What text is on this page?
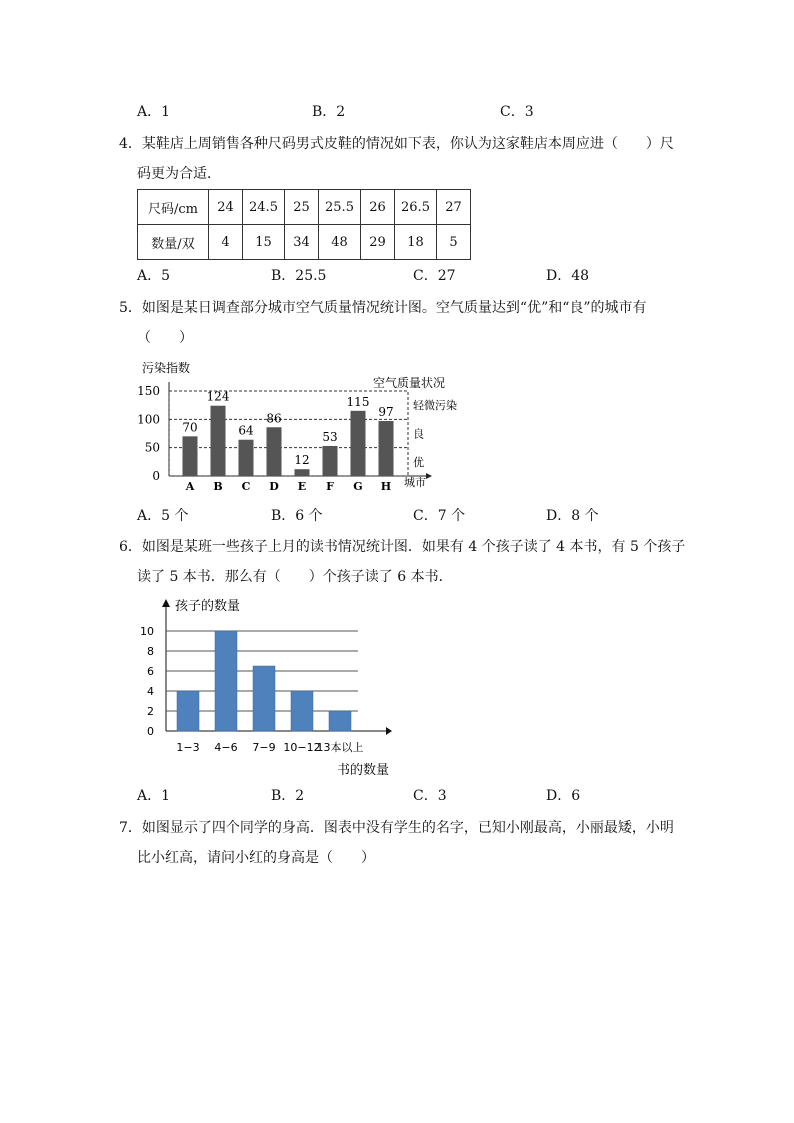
A．1	B．2	C．3
4．某鞋店上周销售各种尺码男式皮鞋的情况如下表，你认为这家鞋店本周应进（　　）尺
码更为合适．
尺码/cm	24	24.5	25	25.5	26	26.5	27
数量/双	4	15	34	48	29	18	5
A．5	B．25.5	C．27	D．48
5．如图是某日调查部分城市空气质量情况统计图。空气质量达到“优”和“良”的城市有
（　　）
污染指数
空气质量状况
城市
0
50
100
150
优
良
轻微污染
70
A
124
B
64
C
86
D
12
E
53
F
115
G
97
H
A．5 个	B．6 个	C．7 个	D．8 个
6．如图是某班一些孩子上月的读书情况统计图．如果有 4 个孩子读了 4 本书，有 5 个孩子
读了 5 本书．那么有（　　）个孩子读了 6 本书．
孩子的数量
书的数量
0
2
4
6
8
10
1−3 4−6 7−9 10−12
13本以上
A．1	B．2	C．3	D．6
7．如图显示了四个同学的身高．图表中没有学生的名字，已知小刚最高，小丽最矮，小明
比小红高，请问小红的身高是（　　）
